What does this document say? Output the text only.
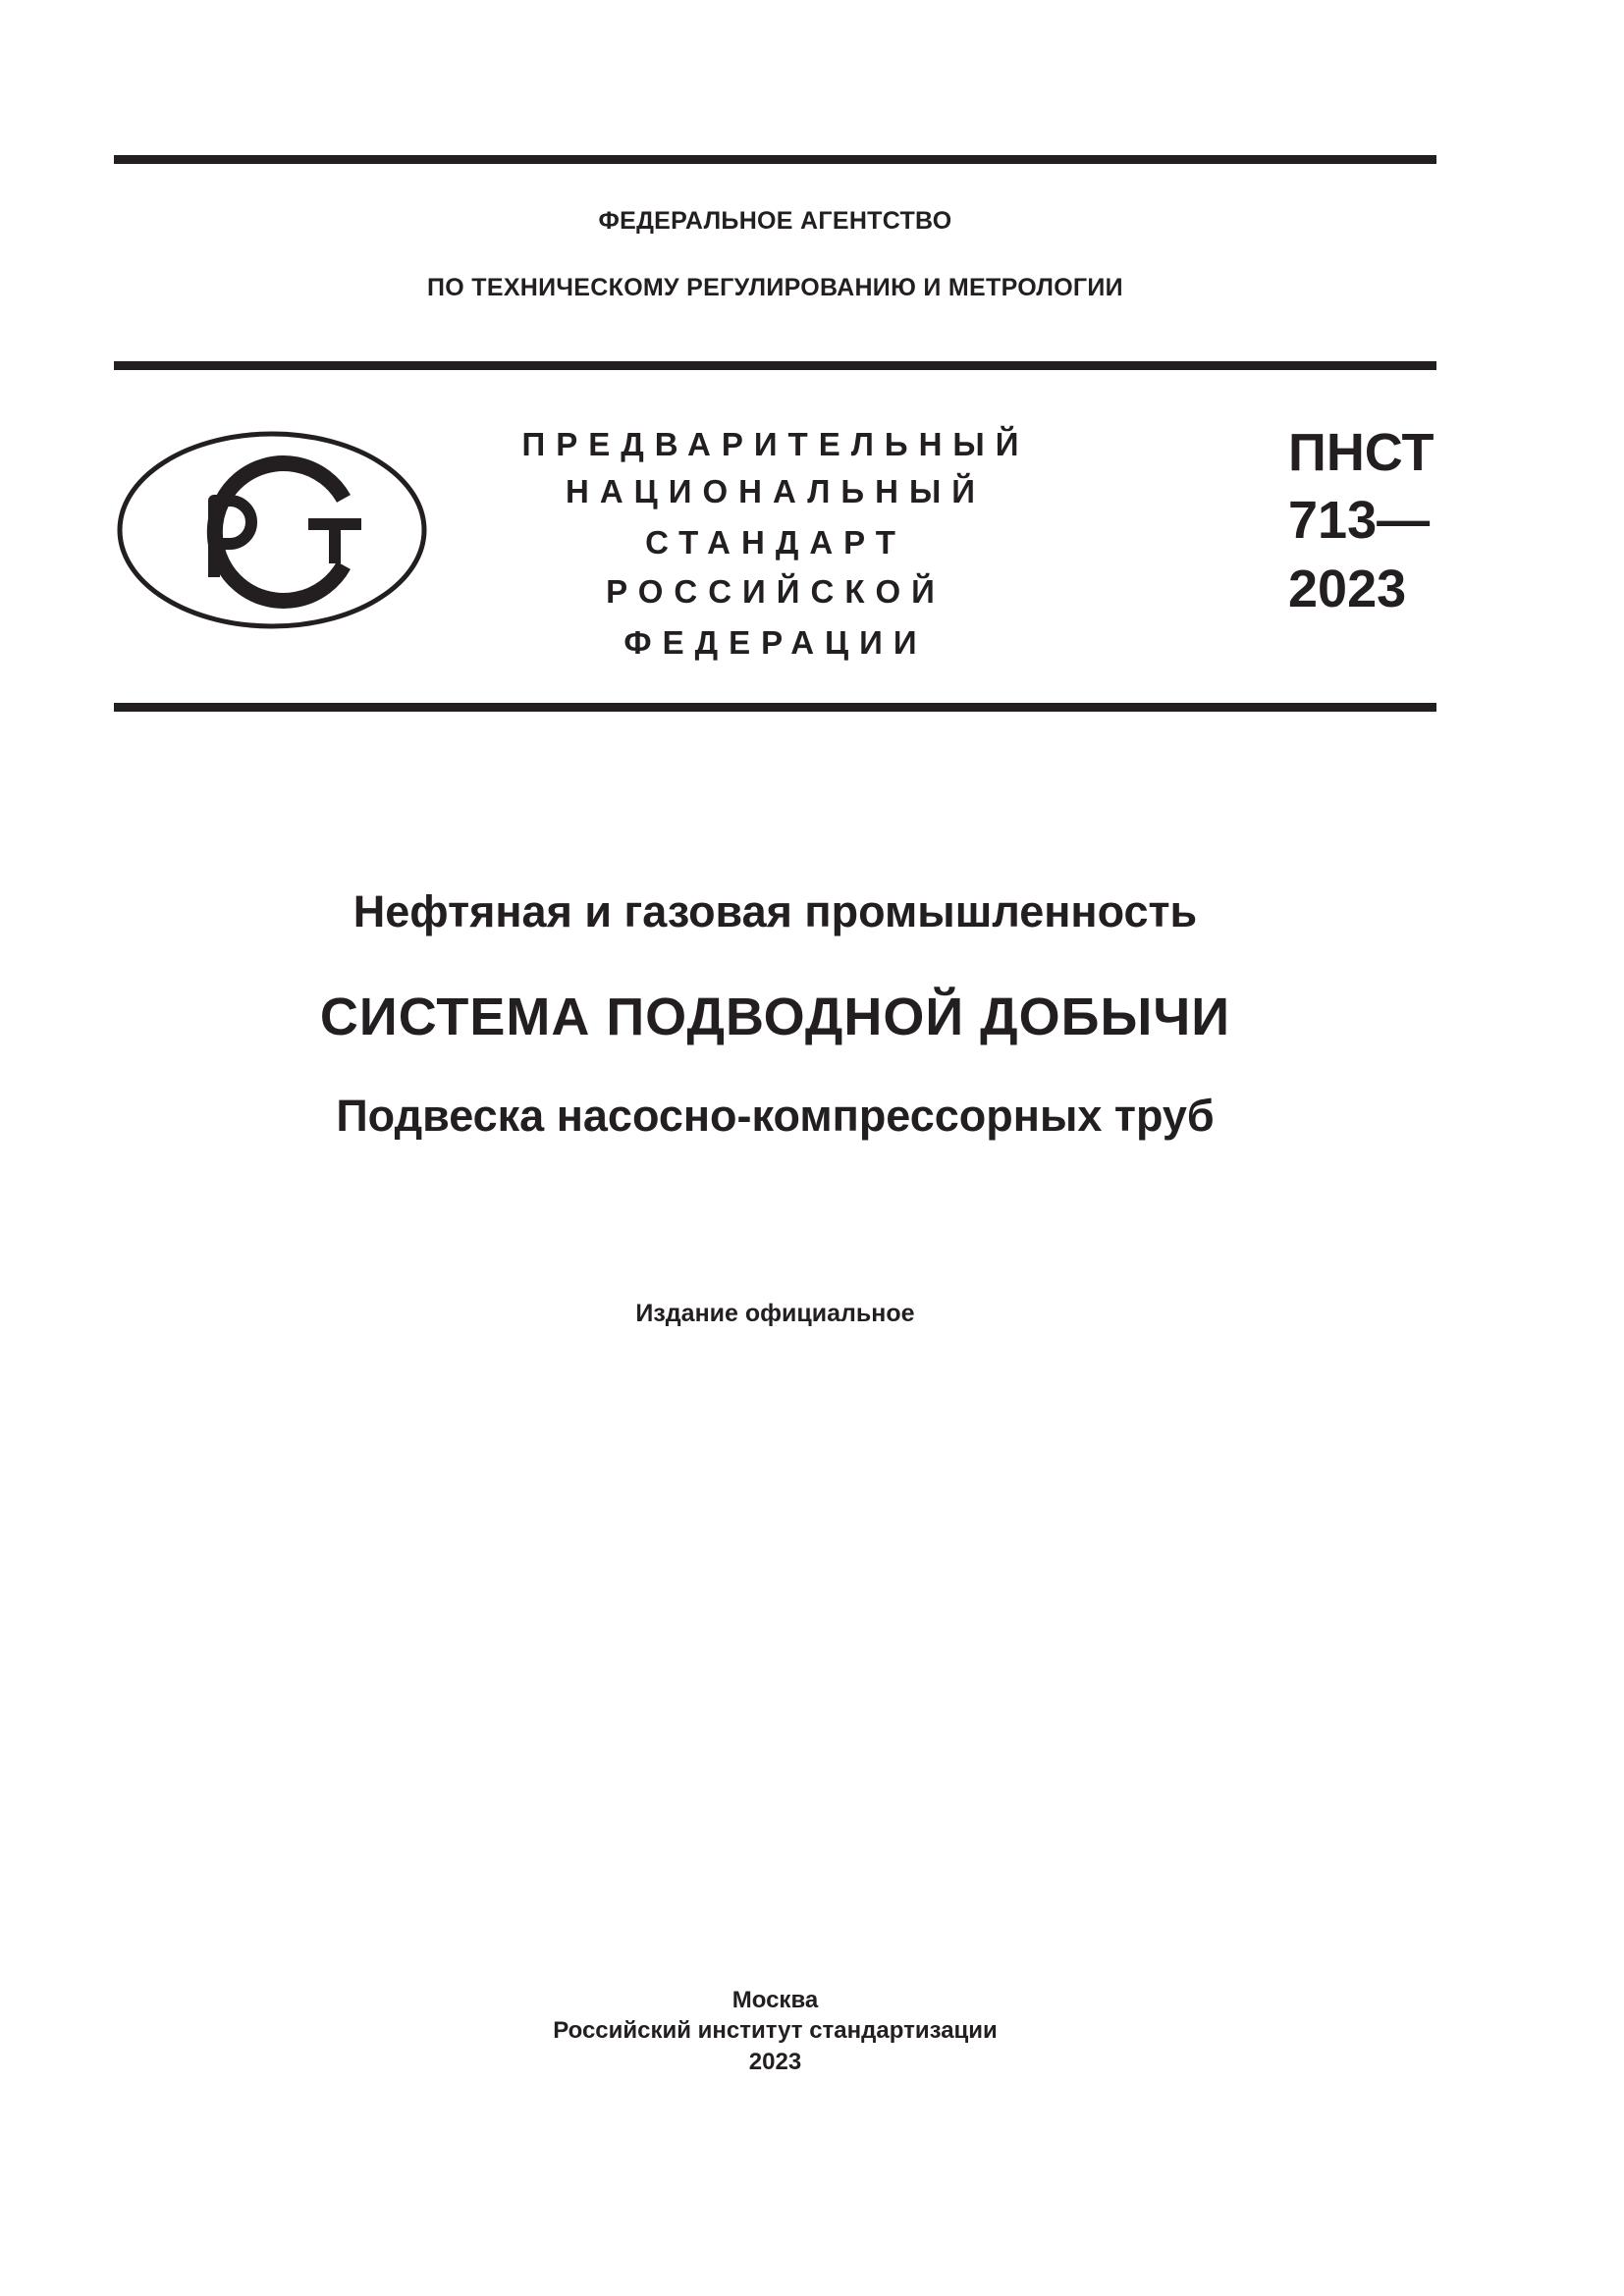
ФЕДЕРАЛЬНОЕ АГЕНТСТВО
ПО ТЕХНИЧЕСКОМУ РЕГУЛИРОВАНИЮ И МЕТРОЛОГИИ
ПРЕДВАРИТЕЛЬНЫЙ
НАЦИОНАЛЬНЫЙ
СТАНДАРТ
РОССИЙСКОЙ
ФЕДЕРАЦИИ
ПНСТ
713—
2023
Нефтяная и газовая промышленность
СИСТЕМА ПОДВОДНОЙ ДОБЫЧИ
Подвеска насосно-компрессорных труб
Издание официальное
Москва
Российский институт стандартизации
2023
